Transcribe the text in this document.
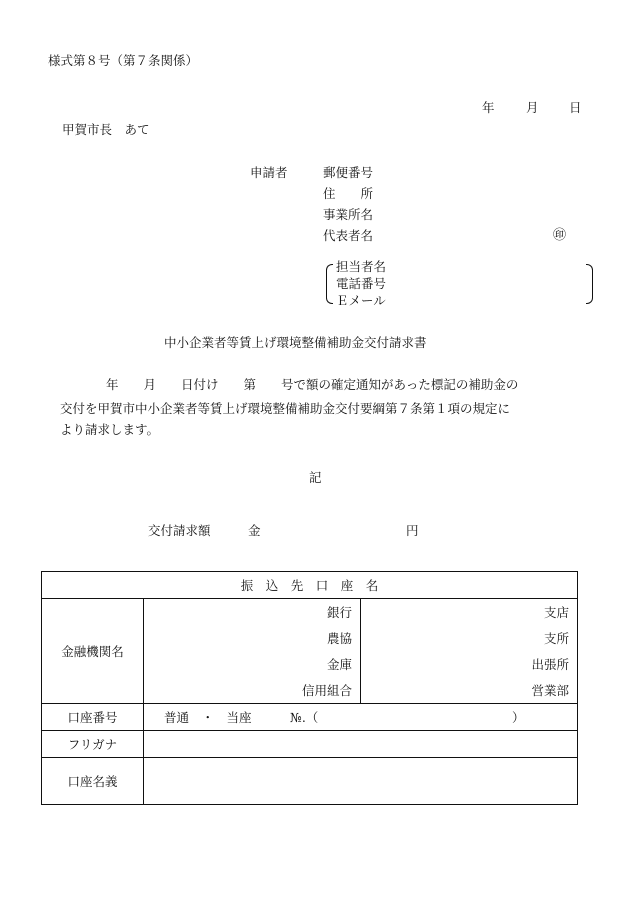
様式第８号（第７条関係）
年	月 日
甲賀市長　あて
申請者	郵便番号
住　　所
事業所名
代表者名	㊞
担当者名
電話番号
Ｅメール
中小企業者等賃上げ環境整備補助金交付請求書
年　　月　　日付け　　第　　号で額の確定通知があった標記の補助金の
交付を甲賀市中小企業者等賃上げ環境整備補助金交付要綱第７条第１項の規定に
より請求します。
記
交付請求額	金	円
振　込　先　口　座　名		
金融機関名	銀行	支店
	農協	支所
	金庫	出張所
	信用組合	営業部
口座番号	普通　・　当座 №.（ ）	

フリガナ		
口座名義		
